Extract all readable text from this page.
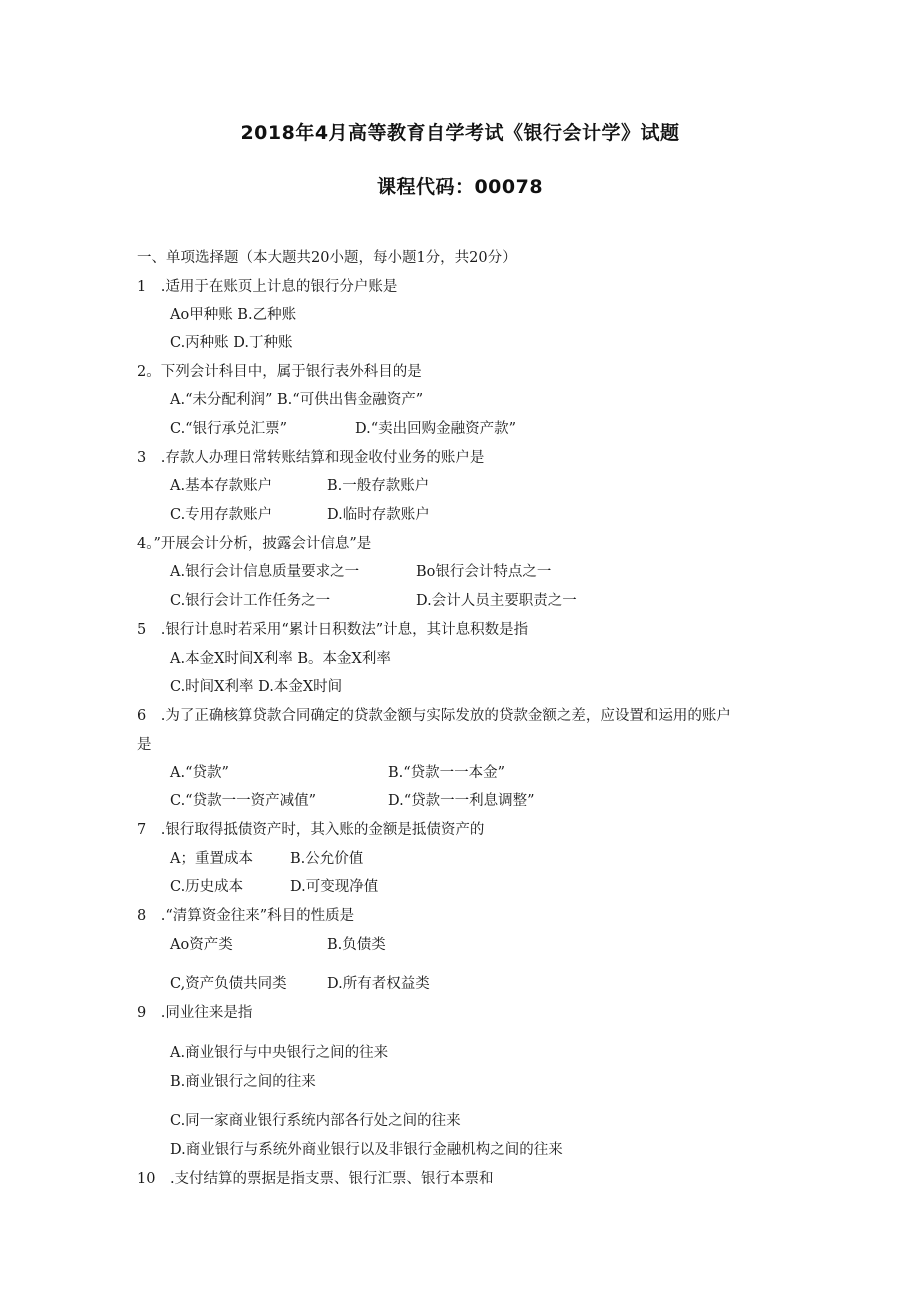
2018年4月高等教育自学考试《银行会计学》试题
课程代码：00078
一、单项选择题（本大题共20小题，每小题1分，共20分）
1　.适用于在账页上计息的银行分户账是
Ao甲种账 B.乙种账
C.丙种账 D.丁种账
2。下列会计科目中，属于银行表外科目的是
A.“未分配利润” B.“可供出售金融资产”
C.“银行承兑汇票”	D.“卖出回购金融资产款”
3　.存款人办理日常转账结算和现金收付业务的账户是
A.基本存款账户	B.一般存款账户
C.专用存款账户	D.临时存款账户
4。”开展会计分析，披露会计信息”是
A.银行会计信息质量要求之一	Bo银行会计特点之一
C.银行会计工作任务之一	D.会计人员主要职责之一
5　.银行计息时若采用“累计日积数法”计息，其计息积数是指
A.本金X时间X利率 B。本金X利率
C.时间X利率 D.本金X时间
6　.为了正确核算贷款合同确定的贷款金额与实际发放的贷款金额之差，应设置和运用的账户
是
A.“贷款”	B.“贷款一一本金”
C.“贷款一一资产减值”	D.“贷款一一利息调整”
7　.银行取得抵债资产时，其入账的金额是抵债资产的
A；重置成本	B.公允价值
C.历史成本	D.可变现净值
8　.“清算资金往来”科目的性质是
Ao资产类	B.负债类
C,资产负债共同类	D.所有者权益类
9　.同业往来是指
A.商业银行与中央银行之间的往来
B.商业银行之间的往来
C.同一家商业银行系统内部各行处之间的往来
D.商业银行与系统外商业银行以及非银行金融机构之间的往来
10　.支付结算的票据是指支票、银行汇票、银行本票和
